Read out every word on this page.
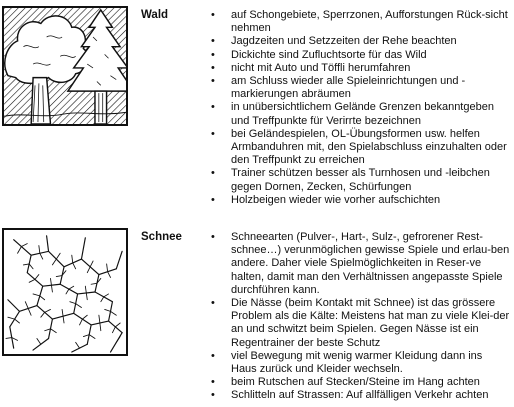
Wald	•	auf Schongebiete, Sperrzonen, Aufforstungen Rück-sicht nehmen
•	Jagdzeiten und Setzzeiten der Rehe beachten
•	Dickichte sind Zufluchtsorte für das Wild
•	nicht mit Auto und Töffli herumfahren
•	am Schluss wieder alle Spieleinrichtungen und -markierungen abräumen
•	in unübersichtlichem Gelände Grenzen bekanntgeben und Treffpunkte für Verirrte bezeichnen
•	bei Geländespielen, OL-Übungsformen usw. helfen Armbanduhren mit, den Spielabschluss einzuhalten oder den Treffpunkt zu erreichen
•	Trainer schützen besser als Turnhosen und -leibchen gegen Dornen, Zecken, Schürfungen
•	Holzbeigen wieder wie vorher aufschichten
Schnee	•	Schneearten (Pulver-, Hart-, Sulz-, gefrorener Rest-schnee…) verunmöglichen gewisse Spiele und erlau-ben andere. Daher viele Spielmöglichkeiten in Reser-ve halten, damit man den Verhältnissen angepasste Spiele durchführen kann.
•	Die Nässe (beim Kontakt mit Schnee) ist das grössere Problem als die Kälte: Meistens hat man zu viele Klei-der an und schwitzt beim Spielen. Gegen Nässe ist ein Regentrainer der beste Schutz
•	viel Bewegung mit wenig warmer Kleidung dann ins Haus zurück und Kleider wechseln.
•	beim Rutschen auf Stecken/Steine im Hang achten
•	Schlitteln auf Strassen: Auf allfälligen Verkehr achten
